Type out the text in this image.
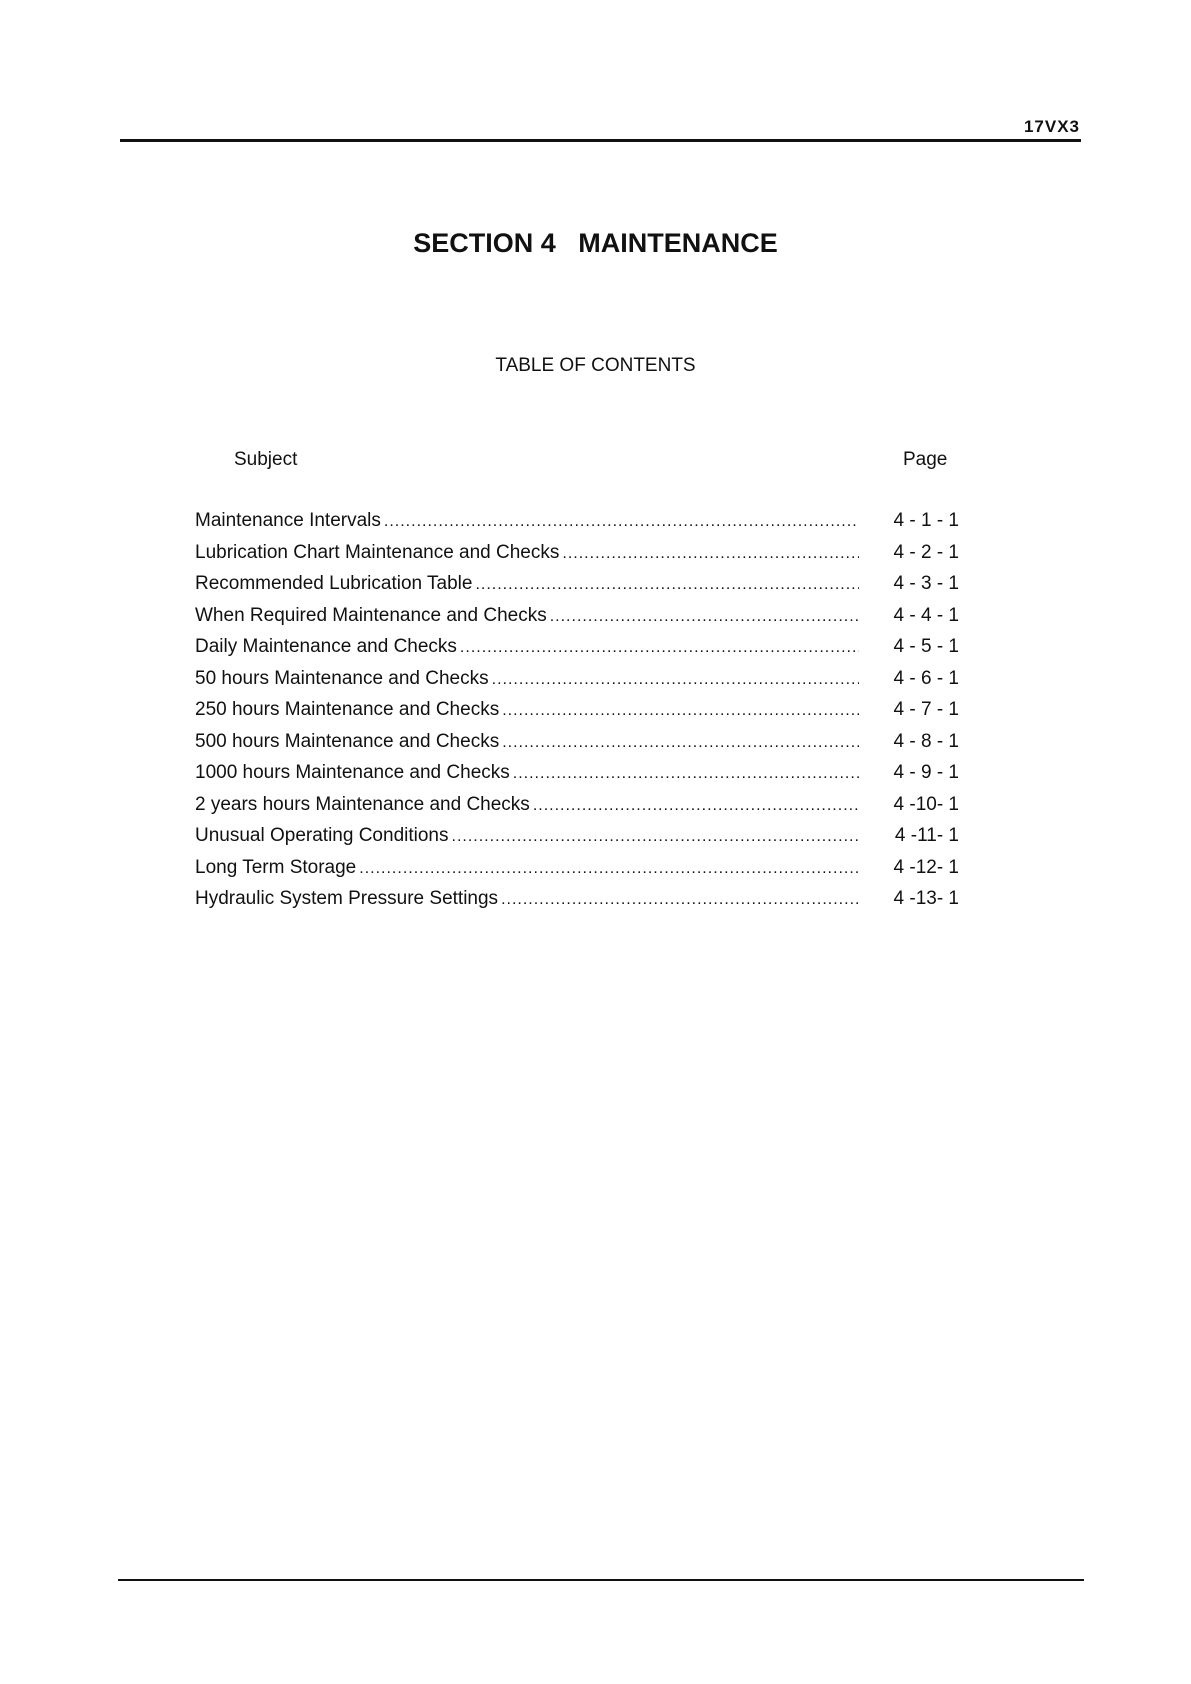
17VX3
SECTION 4   MAINTENANCE
TABLE OF CONTENTS
Subject	Page
Maintenance Intervals .....	4 - 1 - 1
Lubrication Chart Maintenance and Checks .....	4 - 2 - 1
Recommended Lubrication Table .....	4 - 3 - 1
When Required Maintenance and Checks .....	4 - 4 - 1
Daily Maintenance and Checks .....	4 - 5 - 1
50 hours Maintenance and Checks .....	4 - 6 - 1
250 hours Maintenance and Checks .....	4 - 7 - 1
500 hours Maintenance and Checks .....	4 - 8 - 1
1000 hours Maintenance and Checks .....	4 - 9 - 1
2 years hours Maintenance and Checks .....	4 -10- 1
Unusual Operating Conditions .....	4 -11- 1
Long Term Storage .....	4 -12- 1
Hydraulic System Pressure Settings .....	4 -13- 1
